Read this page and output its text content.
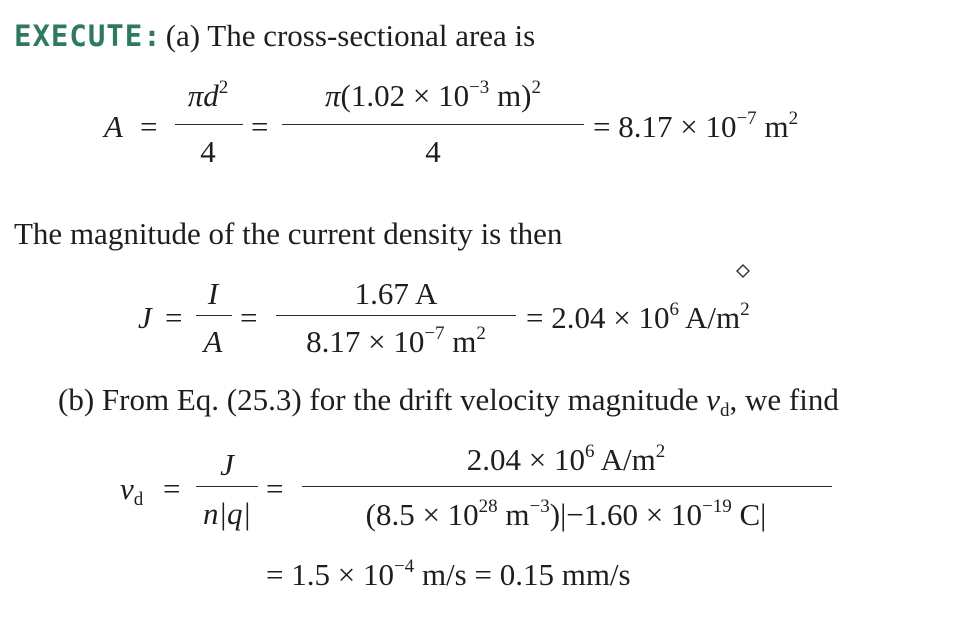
EXECUTE: (a) The cross-sectional area is
A =
$\pi d^2$
4
=
$\pi(1.02 \times 10^{-3}$ m)$^2$
4
= $8.17 \times 10^{-7}$ $m^2$
The magnitude of the current density is then
J =
I
A
=
1.67 A
$8.17 \times 10^{-7}$ $m^2 = 2.04 \times 10^6$ $A/m^2$
(b) From Eq. (25.3) for the drift velocity magnitude $v_d$, we find
$v_d$ =
J
n|q|
=
$2.04 \times 10^6$ $A/m^2$
($8.5 \times 10^{28}$ $m^{-3})|-1.60 \times 10^{-19}$ C|
= $1.5 \times 10^{-4}$ m/s = 0.15 mm/s
